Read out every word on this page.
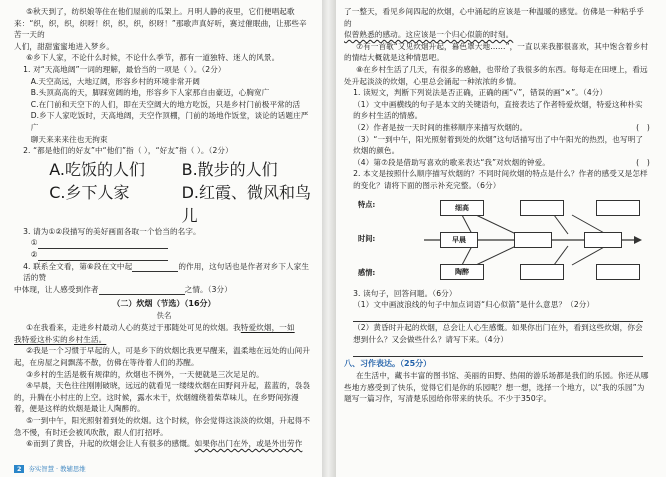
⑤秋天到了，纺织娘等住在他们屋前的瓜架上。月明人静的夜里，它们便唱起歌

来：“织，织，织，织呀！织，织，织，织呀！”那歌声真好听，赛过催眠曲，让那些辛苦一天的

人们，甜甜蜜蜜地进入梦乡。

⑥乡下人家，不论什么时候，不论什么季节，都有一道独特、迷人的风景。

1. 对“天高地阔”一词的理解，最恰当的一项是（ ）。（2分）

A.天空高远，大地辽阔，形容乡村的环境非常开阔

B.头顶高高的天，脚踩宽阔的地，形容乡下人家那自由豪迈，心胸宽广

C.在门前和天空下的人们，即在天空阔大的地方吃饭，只是乡村门前极平常的活

D.乡下人家吃饭时，天高地阔，天空作顶棚，门前的场地作饭堂，谈论的话题庄严广

聊天来来来往也无拘束

2. “都是他们的好友”中“他们”指（ ），“好友”指（ ）。（2分）

A.吃饭的人们	B.散步的人们
C.乡下人家	D.红霞、微风和鸟儿

3. 请为①②段描写的美好画面各取一个恰当的名字。

①

②

4. 联系全文看，第⑥段在文中起	的作用，这句话也是作者对乡下人家生活的赞

中体现，让人感受到作者	之情。（3分）

（二）炊烟（节选）（16分）
佚名

①在我看来，走进乡村最动人心的莫过于那随处可见的炊烟。我特爱炊烟，一如

我特爱这朴实的乡村生活。

②我是一个习惯于早起的人，可是乡下的炊烟比我更早醒来，温柔地在远处的山间升起，在房屋之间飘荡不散，仿佛在等待着人们的苏醒。

③乡村的生活是极有规律的，炊烟也不例外，一天便就是三次足足的。

④早晨，天色往往刚刚破晓，远远的就看见一缕缕炊烟在田野间升起，蓝蓝的，袅袅的，升腾在小村庄的上空。这时候，露水未干，炊烟缠绕着柴草味儿，在乡野间弥漫着，便是这样的炊烟是最让人陶醉的。

⑤一到中午，阳光照射着到处的炊烟。这个时候，你会觉得这淡淡的炊烟，升起得不急不慢，有时还会被风吹散，跟人们打招呼。

⑥而到了黄昏，升起的炊烟会让人有很多的感慨。如果你出门在外，或是外出劳作

2 夯实智慧 · 教辅思维

了一整天，看见乡间四起的炊烟，心中涌起的应该是一种温暖的感觉。仿佛是一种粘乎乎的

似曾熟悉的感动。这应该是一个归心似箭的时刻。

⑦有一首歌“又见炊烟升起，暮色罩大地……”，一直以来我都很喜欢，其中饱含着乡村的情结大概就是这种情思吧。

⑧在乡村生活了几天，有很多的感触，也带给了我很多的东西。每每走在田埂上，看远处升起淡淡的炊烟，心里总会涌起一种浓浓的乡情。

1. 读短文，判断下列说法是否正确，正确的画“√”，错误的画“×”。（4分）

（1）文中画横线的句子是本文的关键语句，直接表达了作者特爱炊烟，特爱这种朴实的乡村生活的情感。

（2）作者是按一天时间的推移顺序来描写炊烟的。	(　)

（3）“一到中午，阳光照射着到处的炊烟”这句话描写出了中午阳光的热烈，也写明了炊烟的颜色。

（4）第⑦段是借助写喜欢的歌来表达“我”对炊烟的钟爱。	(　)

2. 本文是按照什么顺序描写炊烟的？不同时间炊烟的特点是什么？作者的感受又是怎样的变化？请将下面的图示补充完整。（6分）

特点:
时间:
感情:
细高
早晨
陶醉

3. 读句子，回答问题。（6分）

（1）文中画波浪线的句子中加点词语“归心似箭”是什么意思？（2分）

（2）黄昏时升起的炊烟，总会让人心生感慨。如果你出门在外，看到这些炊烟，你会想到什么？又会做些什么？请写下来。（4分）

八、习作表达。（25分）

在生活中，藏书丰富的图书馆、美丽的田野、热闹的游乐场都是我们的乐园。你还从哪些地方感受到了快乐，觉得它们是你的乐园呢？想一想，选择一个地方，以“我的乐园”为题写一篇习作，写清楚乐园给你带来的快乐。不少于350字。
